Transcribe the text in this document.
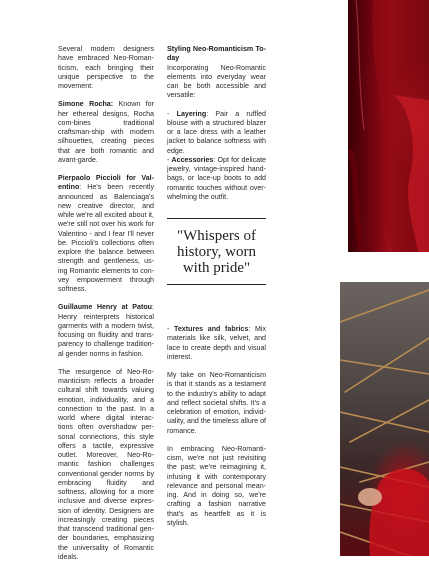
Several modern designers have embraced Neo-Roman-ticism, each bringing their unique perspective to the movement:

Simone Rocha: Known for her ethereal designs, Rocha com-bines traditional craftsman-ship with modern silhouettes, creating pieces that are both romantic and avant-garde.

Pierpaolo Piccioli for Val-entino: He's been recently announced as Balenciaga's new creative director, and while we're all excited about it, we're still not over his work for Valentino - and I fear I'll never be. Piccioli's collections often explore the balance between strength and gentleness, us-ing Romantic elements to con-vey empowerment through softness.

Guillaume Henry at Patou: Henry reinterprets historical garments with a modern twist, focusing on fluidity and trans-parency to challenge tradition-al gender norms in fashion.

The resurgence of Neo-Ro-manticism reflects a broader cultural shift towards valuing emotion, individuality, and a connection to the past. In a world where digital interac-tions often overshadow per-sonal connections, this style offers a tactile, expressive outlet. Moreover, Neo-Ro-mantic fashion challenges conventional gender norms by embracing fluidity and softness, allowing for a more inclusive and diverse expres-sion of identity. Designers are increasingly creating pieces that transcend traditional gen-der boundaries, emphasizing the universality of Romantic ideals.

Styling Neo-Romanticism To-day

Incorporating Neo-Romantic elements into everyday wear can be both accessible and versatile:

- Layering: Pair a ruffled blouse with a structured blazer or a lace dress with a leather jacket to balance softness with edge.
- Accessories: Opt for delicate jewelry, vintage-inspired hand-bags, or lace-up boots to add romantic touches without over-whelming the outfit.
"Whispers of history, worn with pride"

- Textures and fabrics: Mix materials like silk, velvet, and lace to create depth and visual interest.

My take on Neo-Romanticism is that it stands as a testament to the industry's ability to adapt and reflect societal shifts. It's a celebration of emotion, individ-uality, and the timeless allure of romance.

In embracing Neo-Romanti-cism, we're not just revisiting the past; we're reimagining it, infusing it with contemporary relevance and personal mean-ing. And in doing so, we're crafting a fashion narrative that's as heartfelt as it is stylish.
